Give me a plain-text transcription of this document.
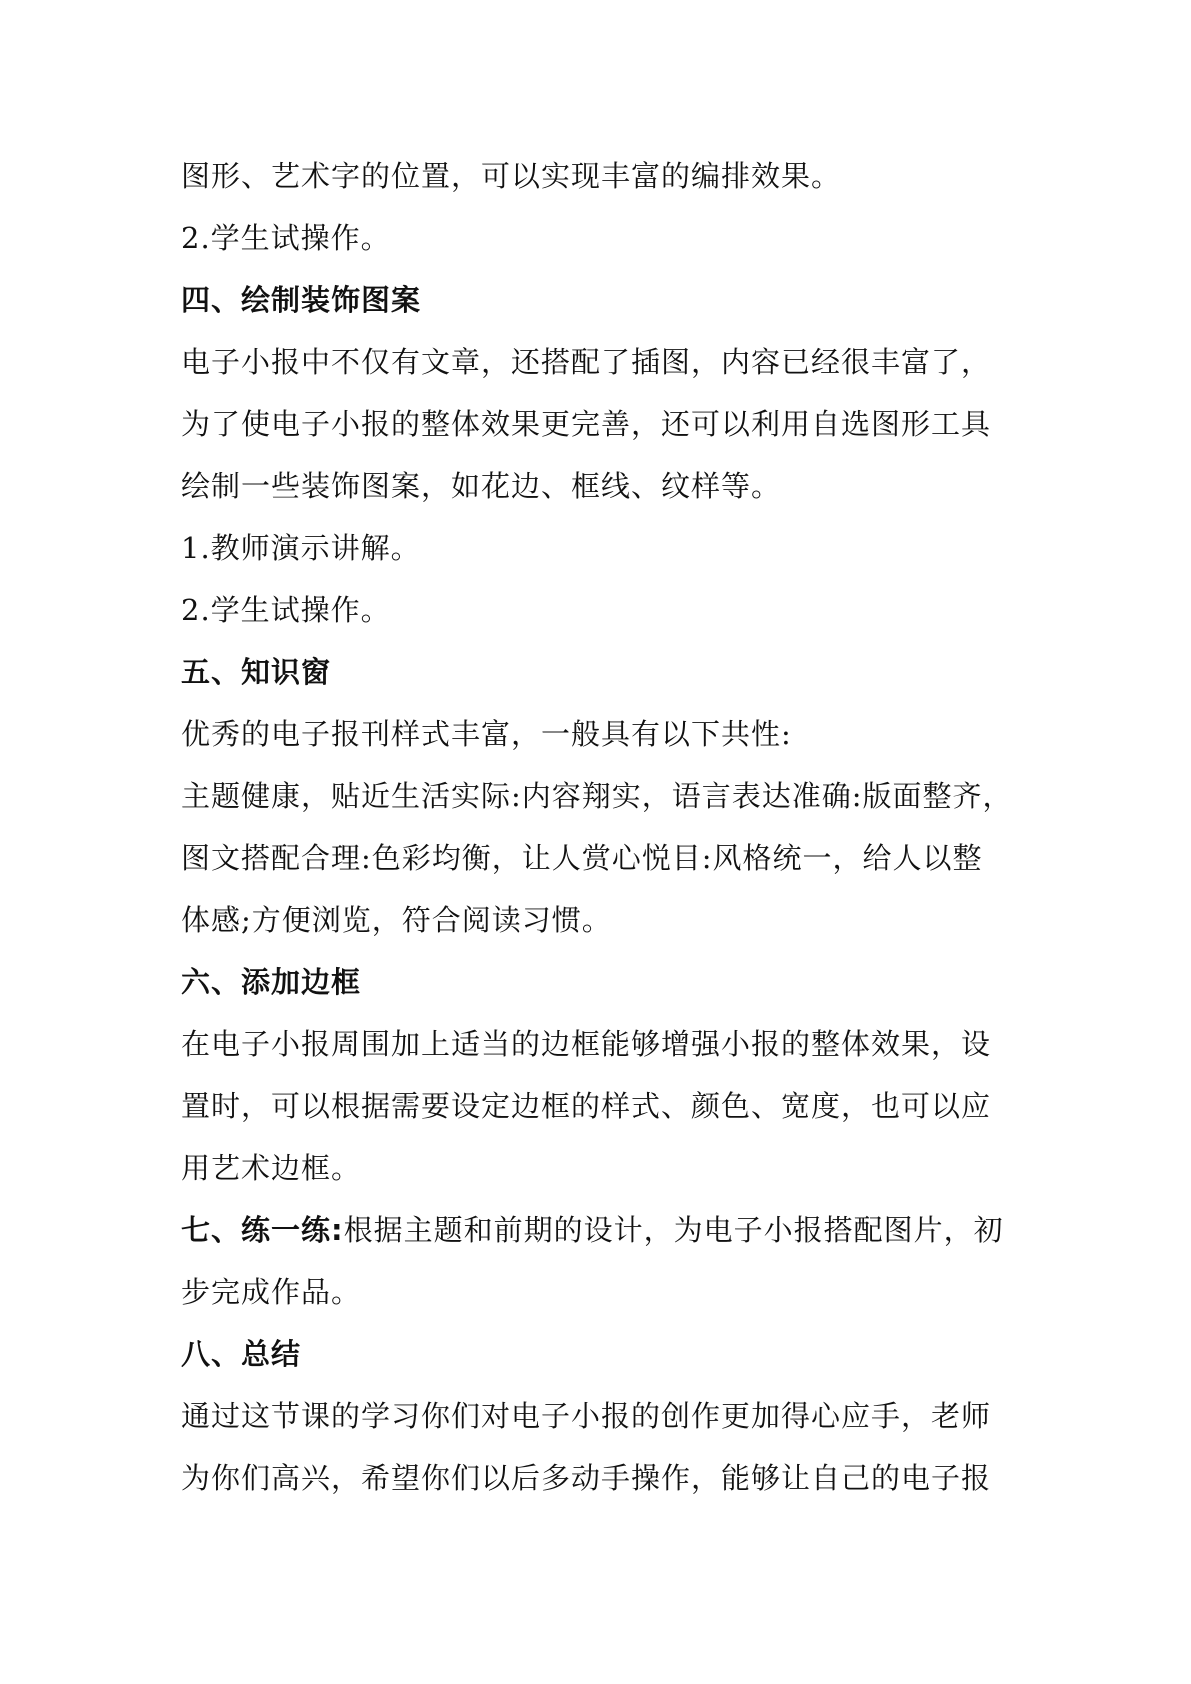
图形、艺术字的位置，可以实现丰富的编排效果。
2.学生试操作。
四、绘制装饰图案
电子小报中不仅有文章，还搭配了插图，内容已经很丰富了，
为了使电子小报的整体效果更完善，还可以利用自选图形工具
绘制一些装饰图案，如花边、框线、纹样等。
1.教师演示讲解。
2.学生试操作。
五、知识窗
优秀的电子报刊样式丰富，一般具有以下共性:
主题健康，贴近生活实际:内容翔实，语言表达准确:版面整齐，
图文搭配合理:色彩均衡，让人赏心悦目:风格统一，给人以整
体感;方便浏览，符合阅读习惯。
六、添加边框
在电子小报周围加上适当的边框能够增强小报的整体效果，设
置时，可以根据需要设定边框的样式、颜色、宽度，也可以应
用艺术边框。
七、练一练:根据主题和前期的设计，为电子小报搭配图片，初
步完成作品。
八、总结
通过这节课的学习你们对电子小报的创作更加得心应手，老师
为你们高兴，希望你们以后多动手操作，能够让自己的电子报
